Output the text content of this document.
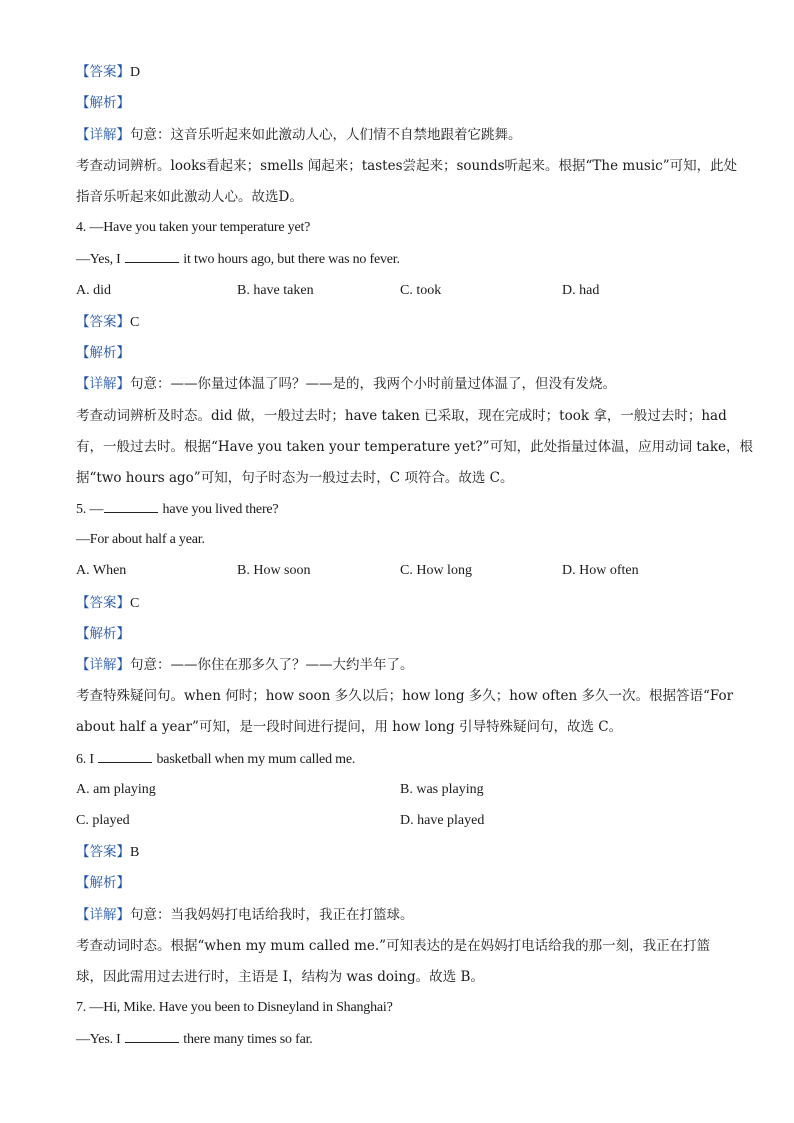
【答案】D
【解析】
【详解】句意：这音乐听起来如此激动人心，人们情不自禁地跟着它跳舞。
考查动词辨析。looks看起来；smells 闻起来；tastes尝起来；sounds听起来。根据“The music”可知，此处
指音乐听起来如此激动人心。故选D。
4. —Have you taken your temperature yet?
—Yes, I	it two hours ago, but there was no fever.
A. did	B. have taken	C. took	D. had
【答案】C
【解析】
【详解】句意：——你量过体温了吗？——是的，我两个小时前量过体温了，但没有发烧。
考查动词辨析及时态。did 做，一般过去时；have taken 已采取，现在完成时；took 拿，一般过去时；had
有，一般过去时。根据“Have you taken your temperature yet?”可知，此处指量过体温，应用动词 take，根
据“two hours ago”可知，句子时态为一般过去时，C 项符合。故选 C。
5. —	have you lived there?
—For about half a year.
A. When	B. How soon	C. How long	D. How often
【答案】C
【解析】
【详解】句意：——你住在那多久了？——大约半年了。
考查特殊疑问句。when 何时；how soon 多久以后；how long 多久；how often 多久一次。根据答语“For
about half a year”可知，是一段时间进行提问，用 how long 引导特殊疑问句，故选 C。
6. I	basketball when my mum called me.
A. am playing	B. was playing
C. played	D. have played
【答案】B
【解析】
【详解】句意：当我妈妈打电话给我时，我正在打篮球。
考查动词时态。根据“when my mum called me.”可知表达的是在妈妈打电话给我的那一刻，我正在打篮
球，因此需用过去进行时，主语是 I，结构为 was doing。故选 B。
7. —Hi, Mike. Have you been to Disneyland in Shanghai?
—Yes. I	there many times so far.
